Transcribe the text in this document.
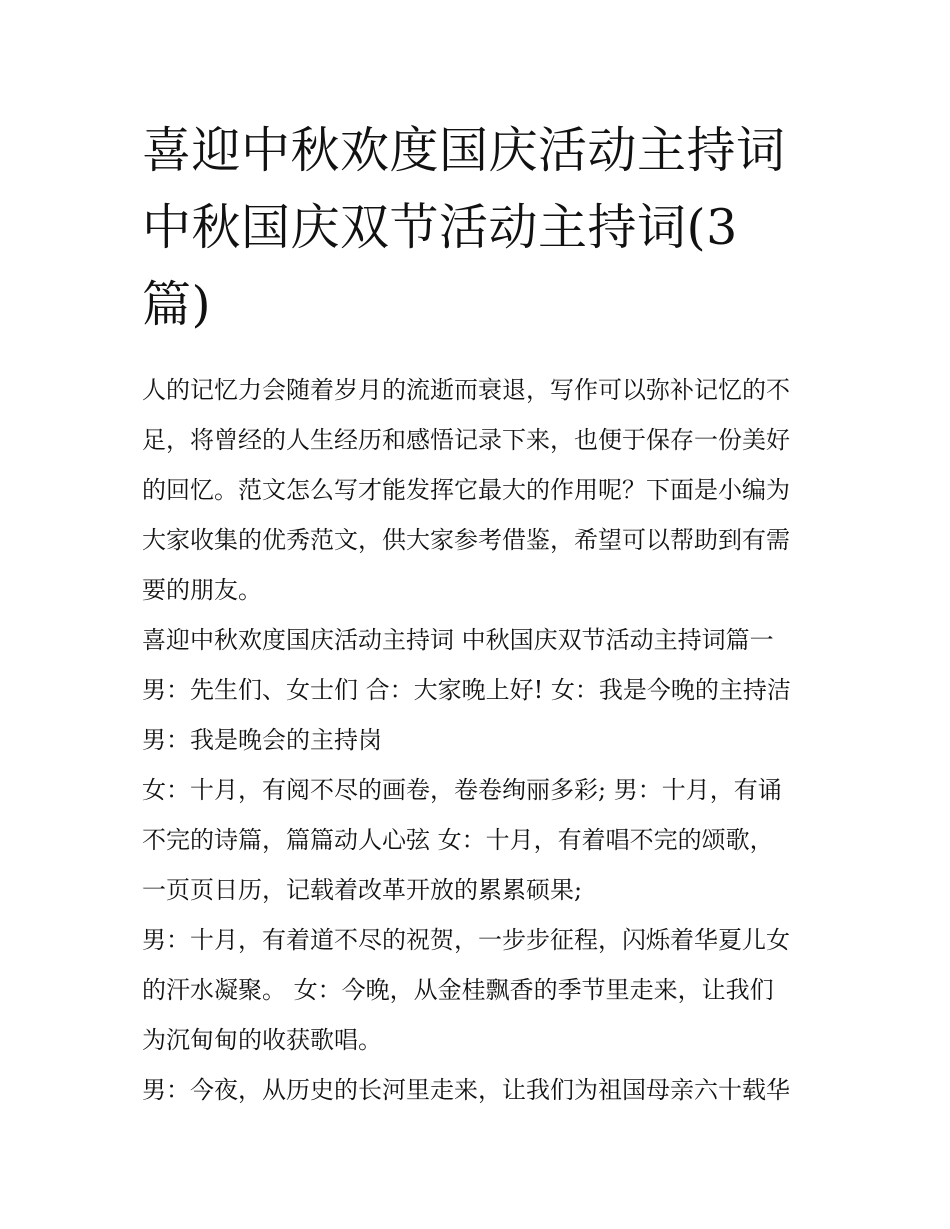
喜迎中秋欢度国庆活动主持词
中秋国庆双节活动主持词(3
篇)
人的记忆力会随着岁月的流逝而衰退，写作可以弥补记忆的不
足，将曾经的人生经历和感悟记录下来，也便于保存一份美好
的回忆。范文怎么写才能发挥它最大的作用呢？下面是小编为
大家收集的优秀范文，供大家参考借鉴，希望可以帮助到有需
要的朋友。
喜迎中秋欢度国庆活动主持词 中秋国庆双节活动主持词篇一
男：先生们、女士们 合：大家晚上好! 女：我是今晚的主持洁
男：我是晚会的主持岗
女：十月，有阅不尽的画卷，卷卷绚丽多彩; 男：十月，有诵
不完的诗篇，篇篇动人心弦 女：十月，有着唱不完的颂歌，
一页页日历，记载着改革开放的累累硕果;
男：十月，有着道不尽的祝贺，一步步征程，闪烁着华夏儿女
的汗水凝聚。 女：今晚，从金桂飘香的季节里走来，让我们
为沉甸甸的收获歌唱。
男：今夜，从历史的长河里走来，让我们为祖国母亲六十载华
